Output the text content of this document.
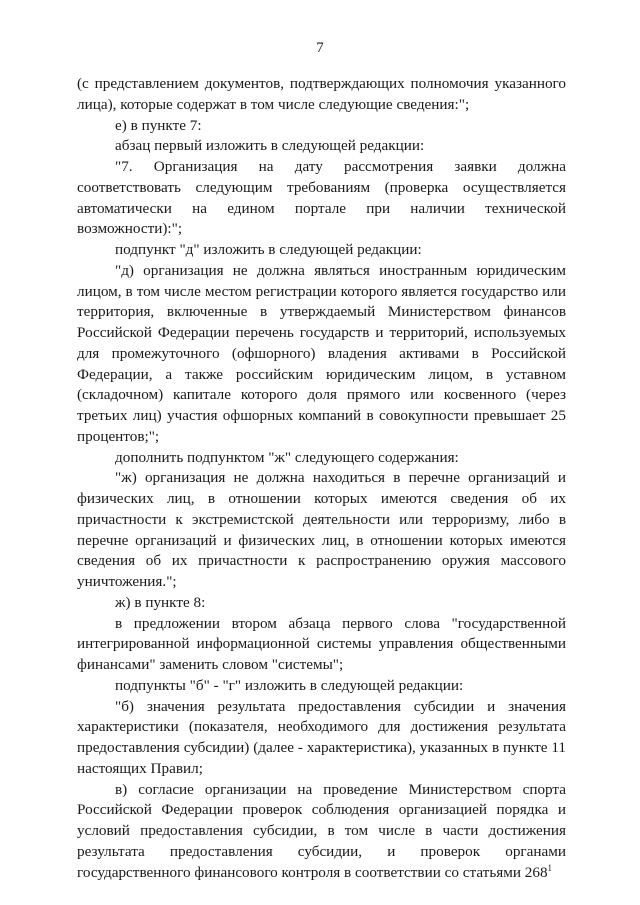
7

(с представлением документов, подтверждающих полномочия указанного лица), которые содержат в том числе следующие сведения:";

е) в пункте 7:

абзац первый изложить в следующей редакции:

"7. Организация на дату рассмотрения заявки должна соответствовать следующим требованиям (проверка осуществляется автоматически на едином портале при наличии технической возможности):";

подпункт "д" изложить в следующей редакции:

"д) организация не должна являться иностранным юридическим лицом, в том числе местом регистрации которого является государство или территория, включенные в утверждаемый Министерством финансов Российской Федерации перечень государств и территорий, используемых для промежуточного (офшорного) владения активами в Российской Федерации, а также российским юридическим лицом, в уставном (складочном) капитале которого доля прямого или косвенного (через третьих лиц) участия офшорных компаний в совокупности превышает 25 процентов;";

дополнить подпунктом "ж" следующего содержания:

"ж) организация не должна находиться в перечне организаций и физических лиц, в отношении которых имеются сведения об их причастности к экстремистской деятельности или терроризму, либо в перечне организаций и физических лиц, в отношении которых имеются сведения об их причастности к распространению оружия массового уничтожения.";

ж) в пункте 8:

в предложении втором абзаца первого слова "государственной интегрированной информационной системы управления общественными финансами" заменить словом "системы";

подпункты "б" - "г" изложить в следующей редакции:

"б) значения результата предоставления субсидии и значения характеристики (показателя, необходимого для достижения результата предоставления субсидии) (далее - характеристика), указанных в пункте 11 настоящих Правил;

в) согласие организации на проведение Министерством спорта Российской Федерации проверок соблюдения организацией порядка и условий предоставления субсидии, в том числе в части достижения результата предоставления субсидии, и проверок органами государственного финансового контроля в соответствии со статьями $268^1$
